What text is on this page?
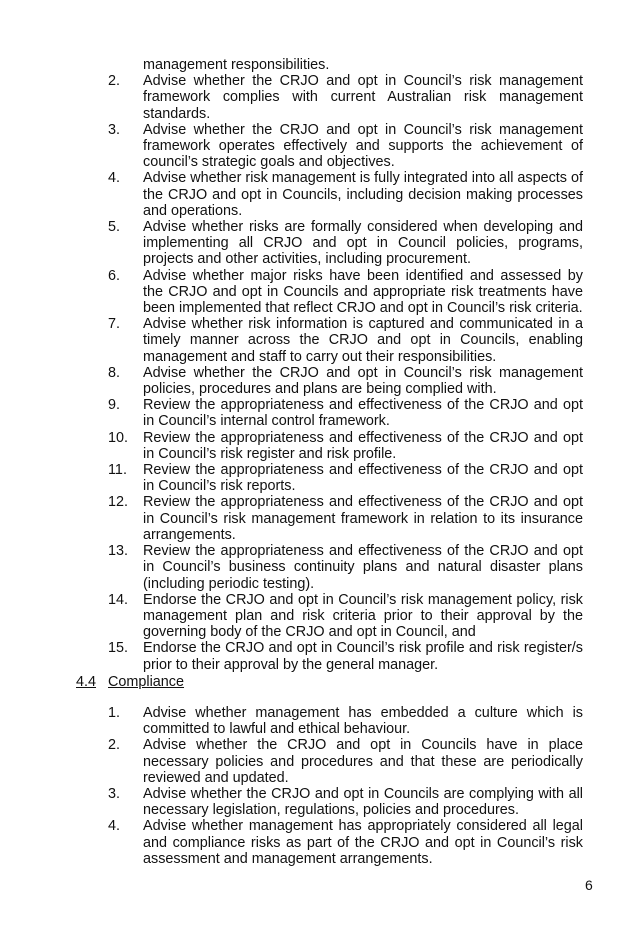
management responsibilities.
2. Advise whether the CRJO and opt in Council’s risk management framework complies with current Australian risk management standards.
3. Advise whether the CRJO and opt in Council’s risk management framework operates effectively and supports the achievement of council’s strategic goals and objectives.
4. Advise whether risk management is fully integrated into all aspects of the CRJO and opt in Councils, including decision making processes and operations.
5. Advise whether risks are formally considered when developing and implementing all CRJO and opt in Council policies, programs, projects and other activities, including procurement.
6. Advise whether major risks have been identified and assessed by the CRJO and opt in Councils and appropriate risk treatments have been implemented that reflect CRJO and opt in Council’s risk criteria.
7. Advise whether risk information is captured and communicated in a timely manner across the CRJO and opt in Councils, enabling management and staff to carry out their responsibilities.
8. Advise whether the CRJO and opt in Council’s risk management policies, procedures and plans are being complied with.
9. Review the appropriateness and effectiveness of the CRJO and opt in Council’s internal control framework.
10. Review the appropriateness and effectiveness of the CRJO and opt in Council’s risk register and risk profile.
11. Review the appropriateness and effectiveness of the CRJO and opt in Council’s risk reports.
12. Review the appropriateness and effectiveness of the CRJO and opt in Council’s risk management framework in relation to its insurance arrangements.
13. Review the appropriateness and effectiveness of the CRJO and opt in Council’s business continuity plans and natural disaster plans (including periodic testing).
14. Endorse the CRJO and opt in Council’s risk management policy, risk management plan and risk criteria prior to their approval by the governing body of the CRJO and opt in Council, and
15. Endorse the CRJO and opt in Council’s risk profile and risk register/s prior to their approval by the general manager.
4.4 Compliance
1. Advise whether management has embedded a culture which is committed to lawful and ethical behaviour.
2. Advise whether the CRJO and opt in Councils have in place necessary policies and procedures and that these are periodically reviewed and updated.
3. Advise whether the CRJO and opt in Councils are complying with all necessary legislation, regulations, policies and procedures.
4. Advise whether management has appropriately considered all legal and compliance risks as part of the CRJO and opt in Council’s risk assessment and management arrangements.
6
